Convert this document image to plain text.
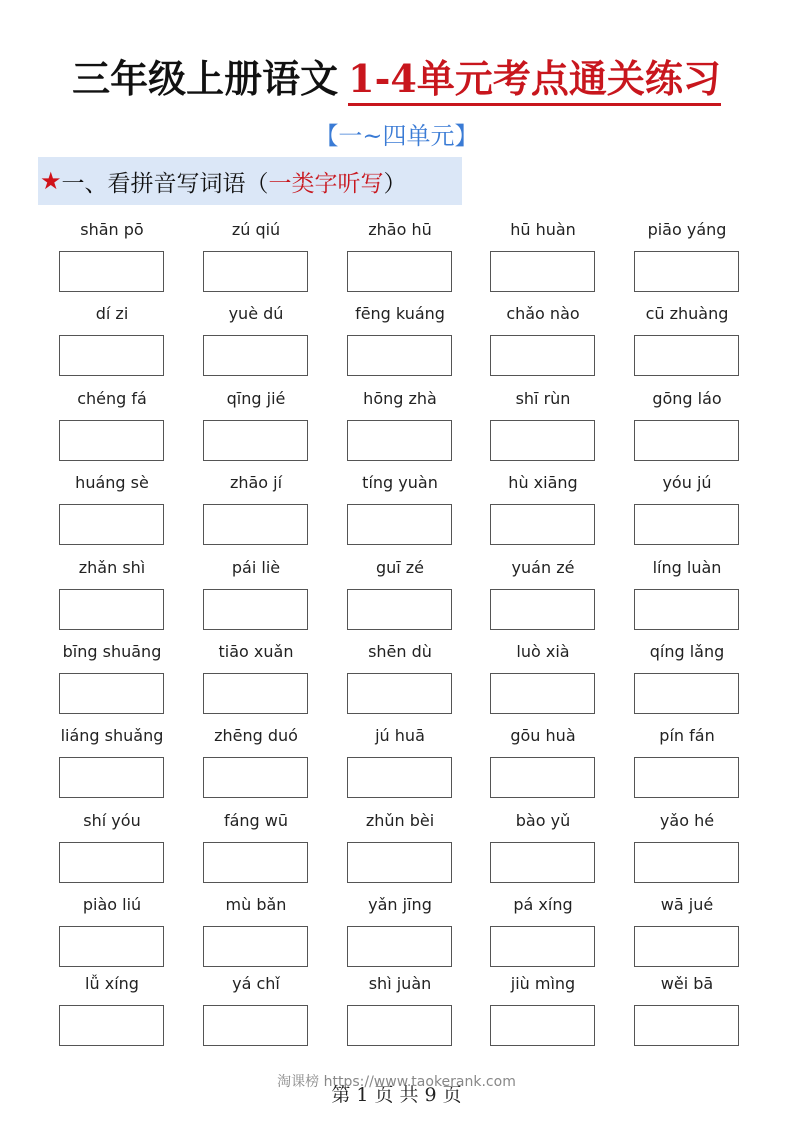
三年级上册语文 1-4单元考点通关练习
【一~四单元】
★ 一、看拼音写词语（ 一类字听写 ）
shān pō	zú qiú	zhāo hū	hū huàn	piāo yáng
dí zi	yuè dú	fēng kuáng	chǎo nào	cū zhuàng
chéng fá	qīng jié	hōng zhà	shī rùn	gōng láo
huáng sè	zhāo jí	tíng yuàn	hù xiāng	yóu jú
zhǎn shì	pái liè	guī zé	yuán zé	líng luàn
bīng shuāng	tiāo xuǎn	shēn dù	luò xià	qíng lǎng
liáng shuǎng	zhēng duó	jú huā	gōu huà	pín fán
shí yóu	fáng wū	zhǔn bèi	bào yǔ	yǎo hé
piào liú	mù bǎn	yǎn jīng	pá xíng	wā jué
lǚ xíng	yá chǐ	shì juàn	jiù mìng	wěi bā
淘课榜 https://www.taokerank.com
第 1 页 共 9 页
